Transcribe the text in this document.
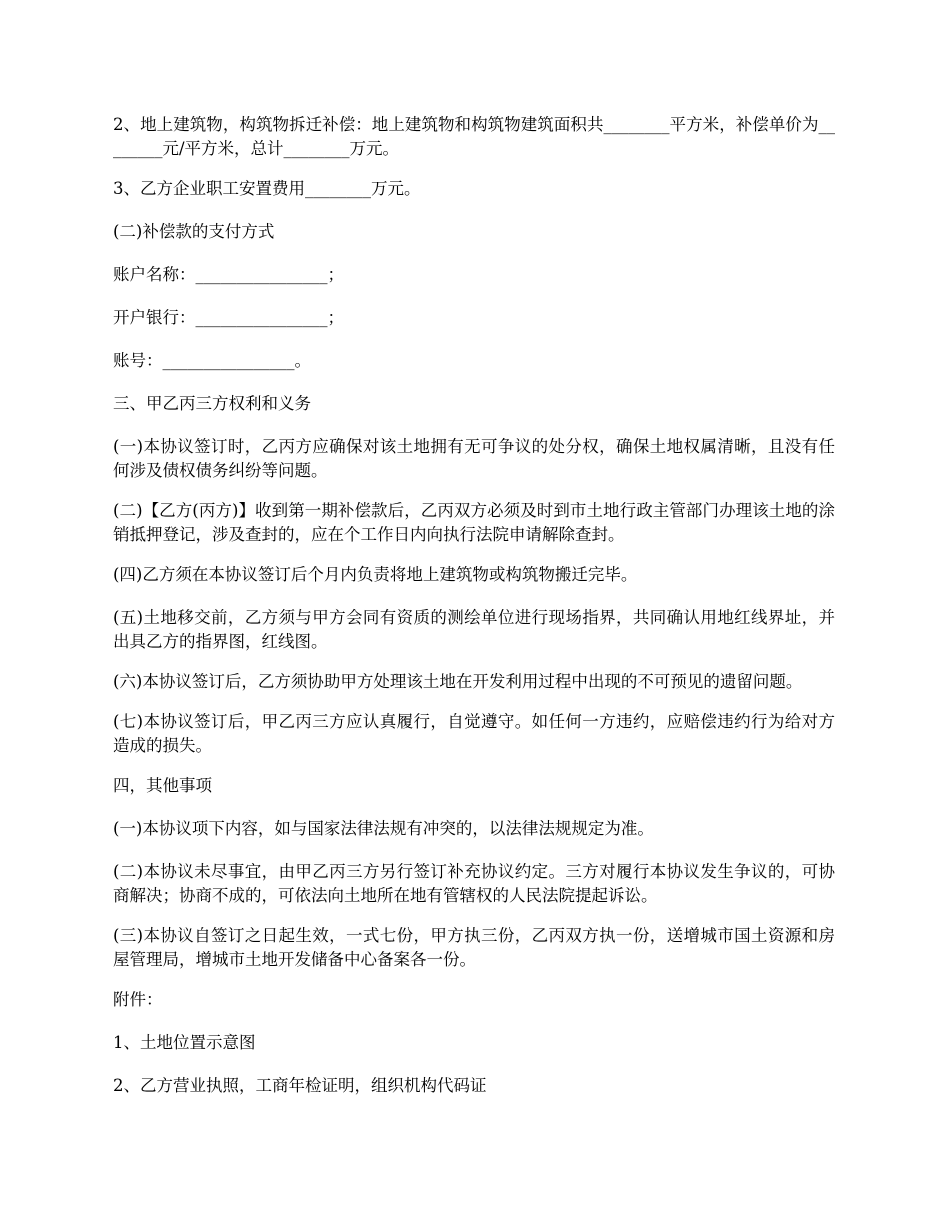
2、地上建筑物，构筑物拆迁补偿：地上建筑物和构筑物建筑面积共________平方米，补偿单价为________元/平方米，总计________万元。

3、乙方企业职工安置费用________万元。

(二)补偿款的支付方式

账户名称：________________；

开户银行：________________；

账号：________________。

三、甲乙丙三方权利和义务

(一)本协议签订时，乙丙方应确保对该土地拥有无可争议的处分权，确保土地权属清晰，且没有任何涉及债权债务纠纷等问题。

(二)【乙方(丙方)】收到第一期补偿款后，乙丙双方必须及时到市土地行政主管部门办理该土地的涂销抵押登记，涉及查封的，应在个工作日内向执行法院申请解除查封。

(四)乙方须在本协议签订后个月内负责将地上建筑物或构筑物搬迁完毕。

(五)土地移交前，乙方须与甲方会同有资质的测绘单位进行现场指界，共同确认用地红线界址，并出具乙方的指界图，红线图。

(六)本协议签订后，乙方须协助甲方处理该土地在开发利用过程中出现的不可预见的遗留问题。

(七)本协议签订后，甲乙丙三方应认真履行，自觉遵守。如任何一方违约，应赔偿违约行为给对方造成的损失。

四，其他事项

(一)本协议项下内容，如与国家法律法规有冲突的，以法律法规规定为准。

(二)本协议未尽事宜，由甲乙丙三方另行签订补充协议约定。三方对履行本协议发生争议的，可协商解决；协商不成的，可依法向土地所在地有管辖权的人民法院提起诉讼。

(三)本协议自签订之日起生效，一式七份，甲方执三份，乙丙双方执一份，送增城市国土资源和房屋管理局，增城市土地开发储备中心备案各一份。

附件：

1、土地位置示意图

2、乙方营业执照，工商年检证明，组织机构代码证
